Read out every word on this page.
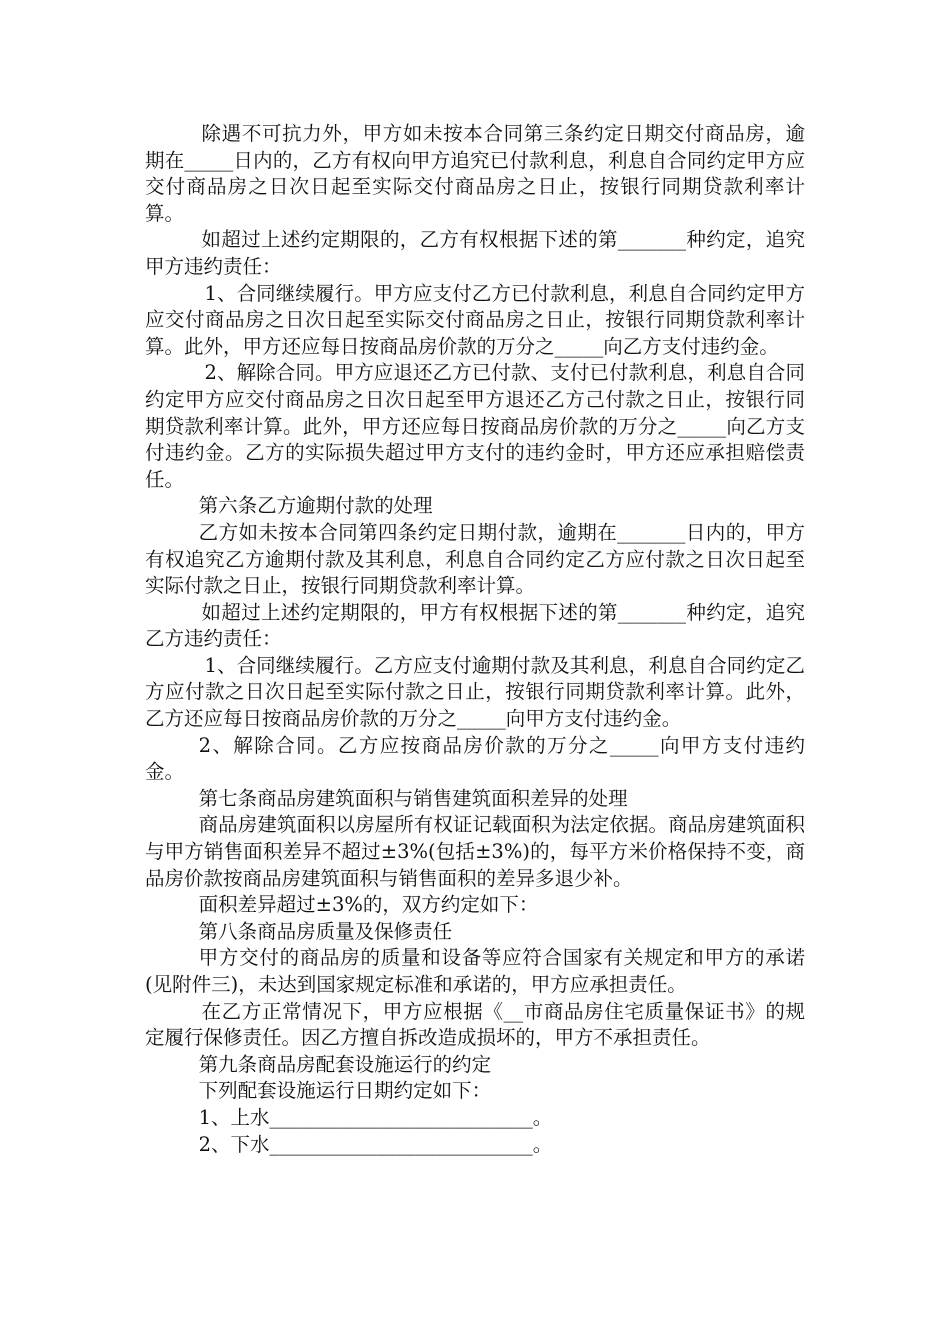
除遇不可抗力外，甲方如未按本合同第三条约定日期交付商品房，逾期在_____日内的，乙方有权向甲方追究已付款利息，利息自合同约定甲方应交付商品房之日次日起至实际交付商品房之日止，按银行同期贷款利率计算。

如超过上述约定期限的，乙方有权根据下述的第_______种约定，追究甲方违约责任：

1、合同继续履行。甲方应支付乙方已付款利息，利息自合同约定甲方应交付商品房之日次日起至实际交付商品房之日止，按银行同期贷款利率计算。此外，甲方还应每日按商品房价款的万分之_____向乙方支付违约金。

2、解除合同。甲方应退还乙方已付款、支付已付款利息，利息自合同约定甲方应交付商品房之日次日起至甲方退还乙方己付款之日止，按银行同期贷款利率计算。此外，甲方还应每日按商品房价款的万分之_____向乙方支付违约金。乙方的实际损失超过甲方支付的违约金时，甲方还应承担赔偿责任。

第六条乙方逾期付款的处理

乙方如未按本合同第四条约定日期付款，逾期在_______日内的，甲方有权追究乙方逾期付款及其利息，利息自合同约定乙方应付款之日次日起至实际付款之日止，按银行同期贷款利率计算。

如超过上述约定期限的，甲方有权根据下述的第_______种约定，追究乙方违约责任：

1、合同继续履行。乙方应支付逾期付款及其利息，利息自合同约定乙方应付款之日次日起至实际付款之日止，按银行同期贷款利率计算。此外，乙方还应每日按商品房价款的万分之_____向甲方支付违约金。

2、解除合同。乙方应按商品房价款的万分之_____向甲方支付违约金。

第七条商品房建筑面积与销售建筑面积差异的处理

商品房建筑面积以房屋所有权证记载面积为法定依据。商品房建筑面积与甲方销售面积差异不超过±3%(包括±3%)的，每平方米价格保持不变，商品房价款按商品房建筑面积与销售面积的差异多退少补。

面积差异超过±3%的，双方约定如下：

第八条商品房质量及保修责任

甲方交付的商品房的质量和设备等应符合国家有关规定和甲方的承诺(见附件三)，未达到国家规定标准和承诺的，甲方应承担责任。

在乙方正常情况下，甲方应根据《__市商品房住宅质量保证书》的规定履行保修责任。因乙方擅自拆改造成损坏的，甲方不承担责任。

第九条商品房配套设施运行的约定

下列配套设施运行日期约定如下：

1、上水___________________________。

2、下水___________________________。
